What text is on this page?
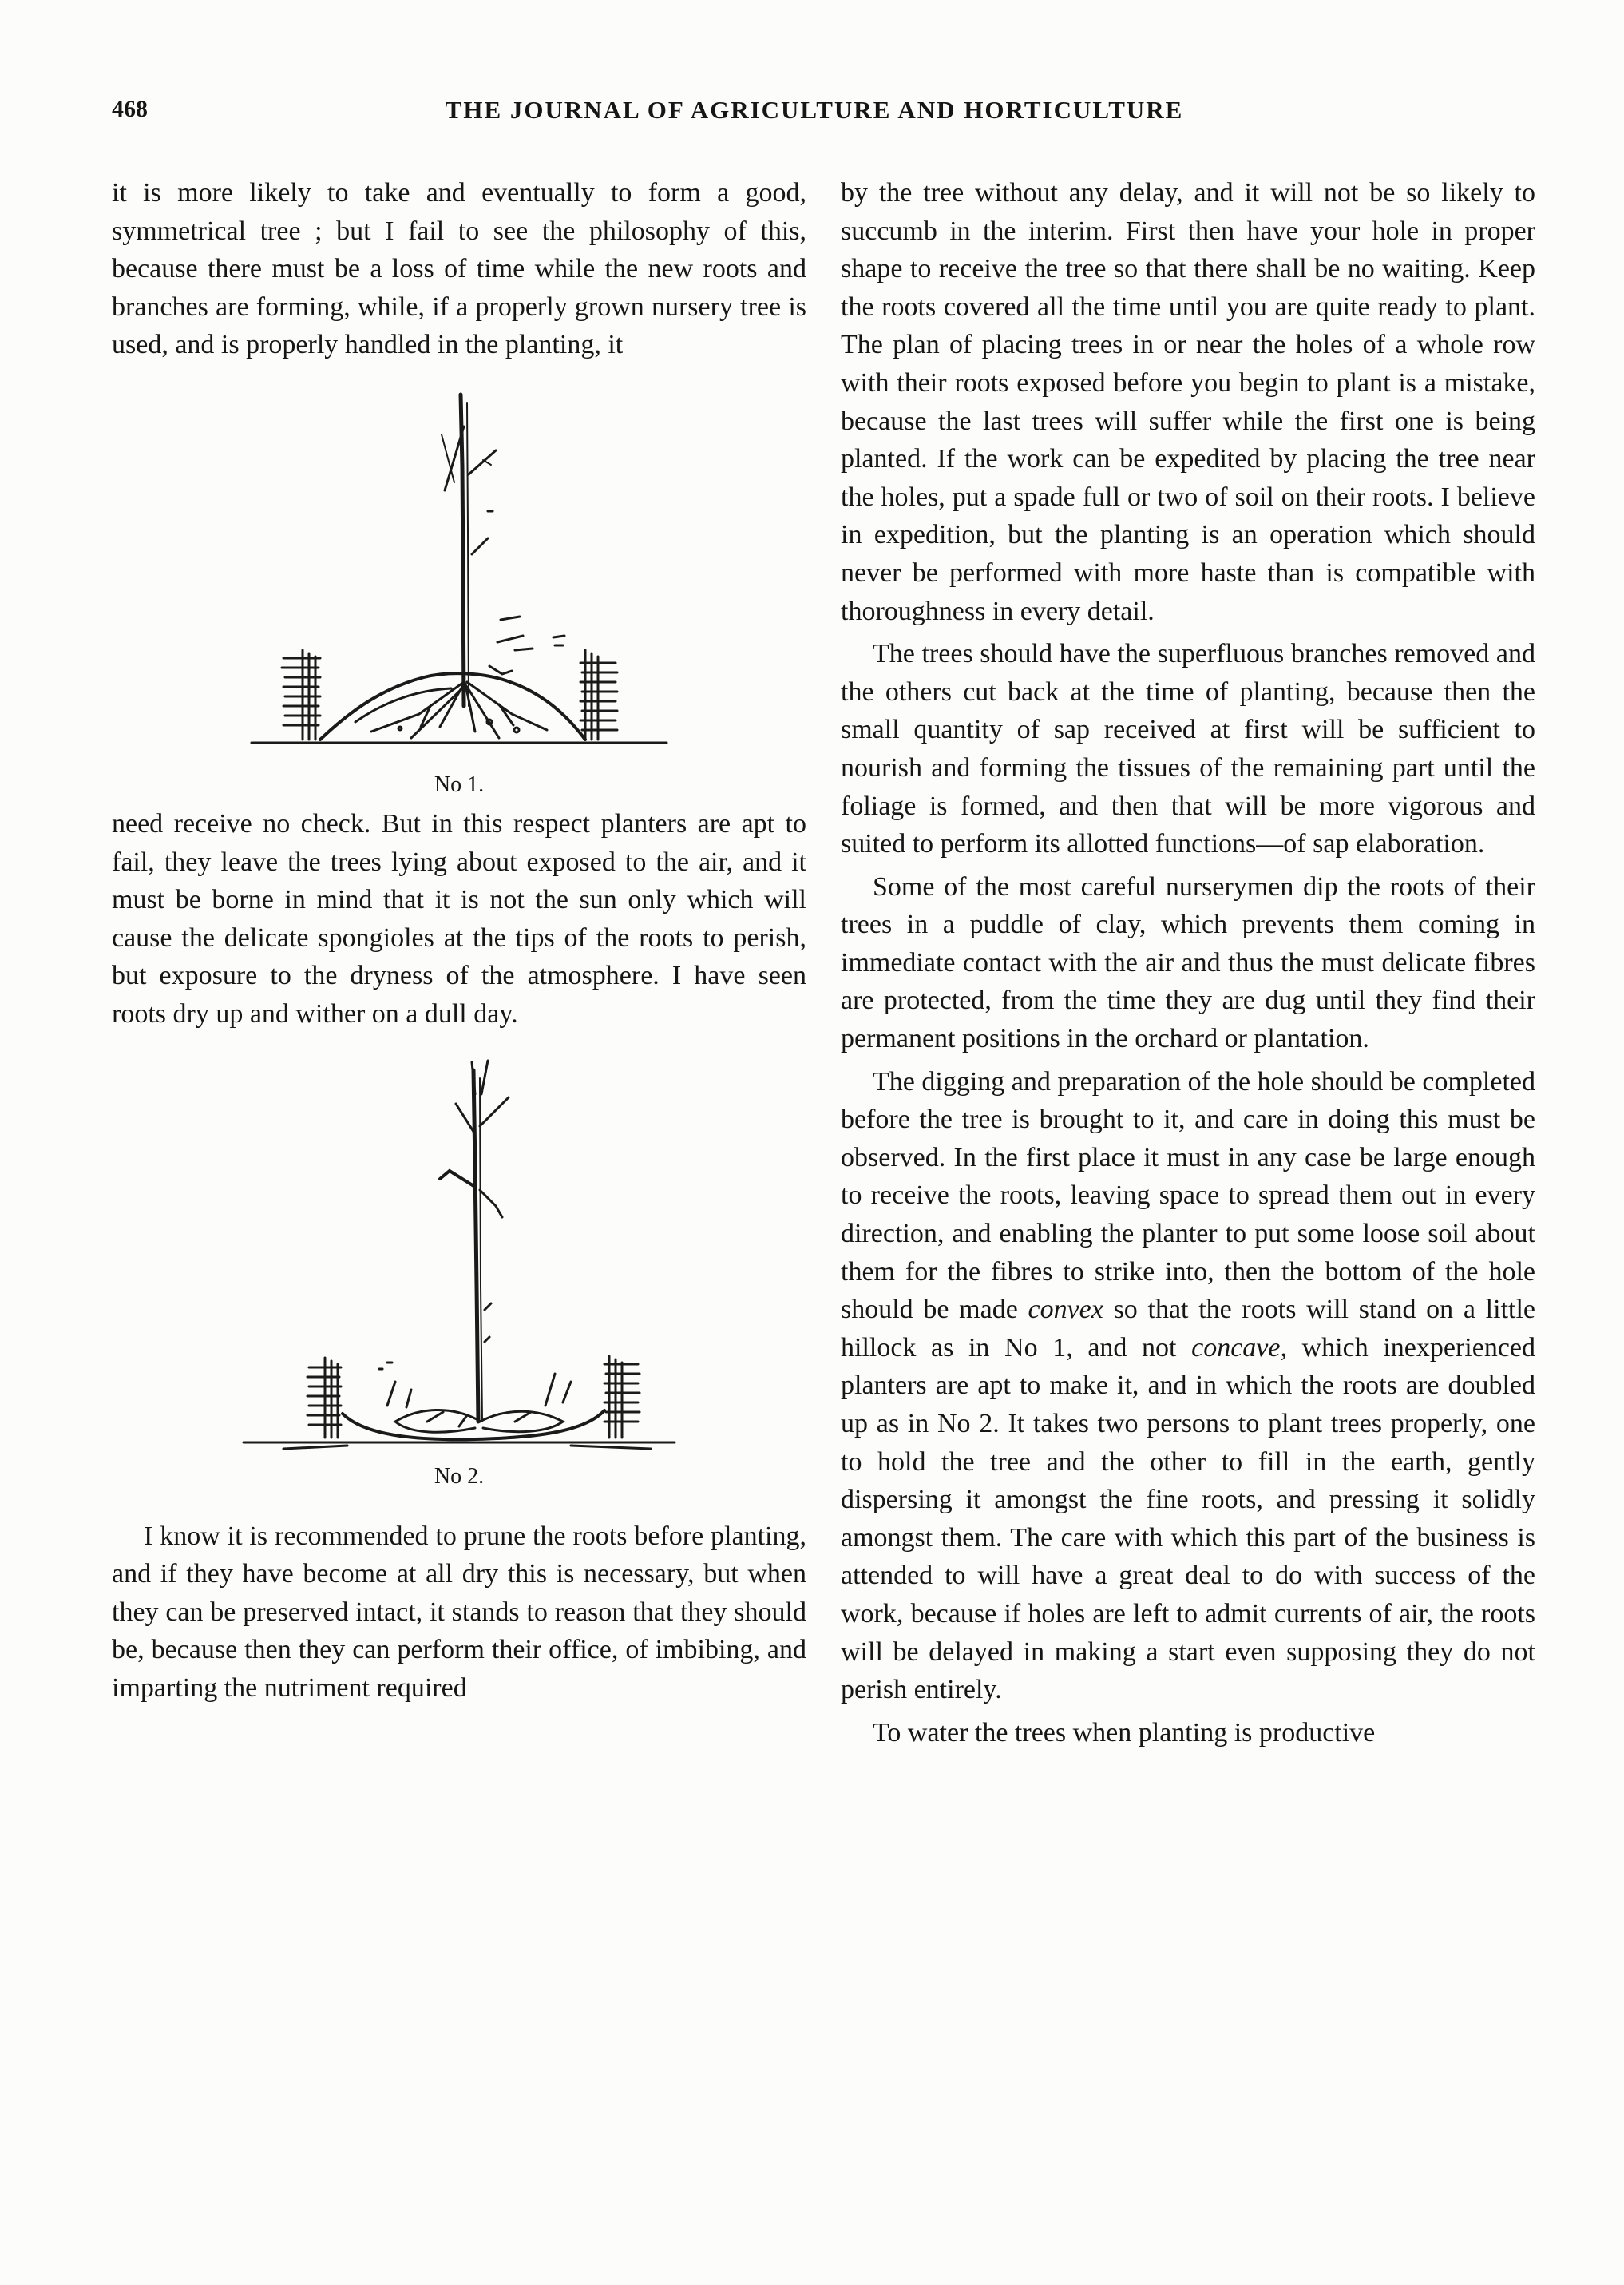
468	THE JOURNAL OF AGRICULTURE AND HORTICULTURE

it is more likely to take and eventually to form a good, symmetrical tree ; but I fail to see the philosophy of this, because there must be a loss of time while the new roots and branches are forming, while, if a properly grown nursery tree is used, and is properly handled in the planting, it

No 1.

need receive no check. But in this respect planters are apt to fail, they leave the trees lying about exposed to the air, and it must be borne in mind that it is not the sun only which will cause the delicate spongioles at the tips of the roots to perish, but exposure to the dryness of the atmosphere. I have seen roots dry up and wither on a dull day.

No 2.

I know it is recommended to prune the roots before planting, and if they have become at all dry this is necessary, but when they can be preserved intact, it stands to reason that they should be, because then they can perform their office, of imbibing, and imparting the nutriment required

by the tree without any delay, and it will not be so likely to succumb in the interim. First then have your hole in proper shape to receive the tree so that there shall be no waiting. Keep the roots covered all the time until you are quite ready to plant. The plan of placing trees in or near the holes of a whole row with their roots exposed before you begin to plant is a mistake, because the last trees will suffer while the first one is being planted. If the work can be expedited by placing the tree near the holes, put a spade full or two of soil on their roots. I believe in expedition, but the planting is an operation which should never be performed with more haste than is compatible with thoroughness in every detail.

The trees should have the superfluous branches removed and the others cut back at the time of planting, because then the small quantity of sap received at first will be sufficient to nourish and forming the tissues of the remaining part until the foliage is formed, and then that will be more vigorous and suited to perform its allotted functions—of sap elaboration.

Some of the most careful nurserymen dip the roots of their trees in a puddle of clay, which prevents them coming in immediate contact with the air and thus the must delicate fibres are protected, from the time they are dug until they find their permanent positions in the orchard or plantation.

The digging and preparation of the hole should be completed before the tree is brought to it, and care in doing this must be observed. In the first place it must in any case be large enough to receive the roots, leaving space to spread them out in every direction, and enabling the planter to put some loose soil about them for the fibres to strike into, then the bottom of the hole should be made convex so that the roots will stand on a little hillock as in No 1, and not concave, which inexperienced planters are apt to make it, and in which the roots are doubled up as in No 2. It takes two persons to plant trees properly, one to hold the tree and the other to fill in the earth, gently dispersing it amongst the fine roots, and pressing it solidly amongst them. The care with which this part of the business is attended to will have a great deal to do with success of the work, because if holes are left to admit currents of air, the roots will be delayed in making a start even supposing they do not perish entirely.

To water the trees when planting is productive
